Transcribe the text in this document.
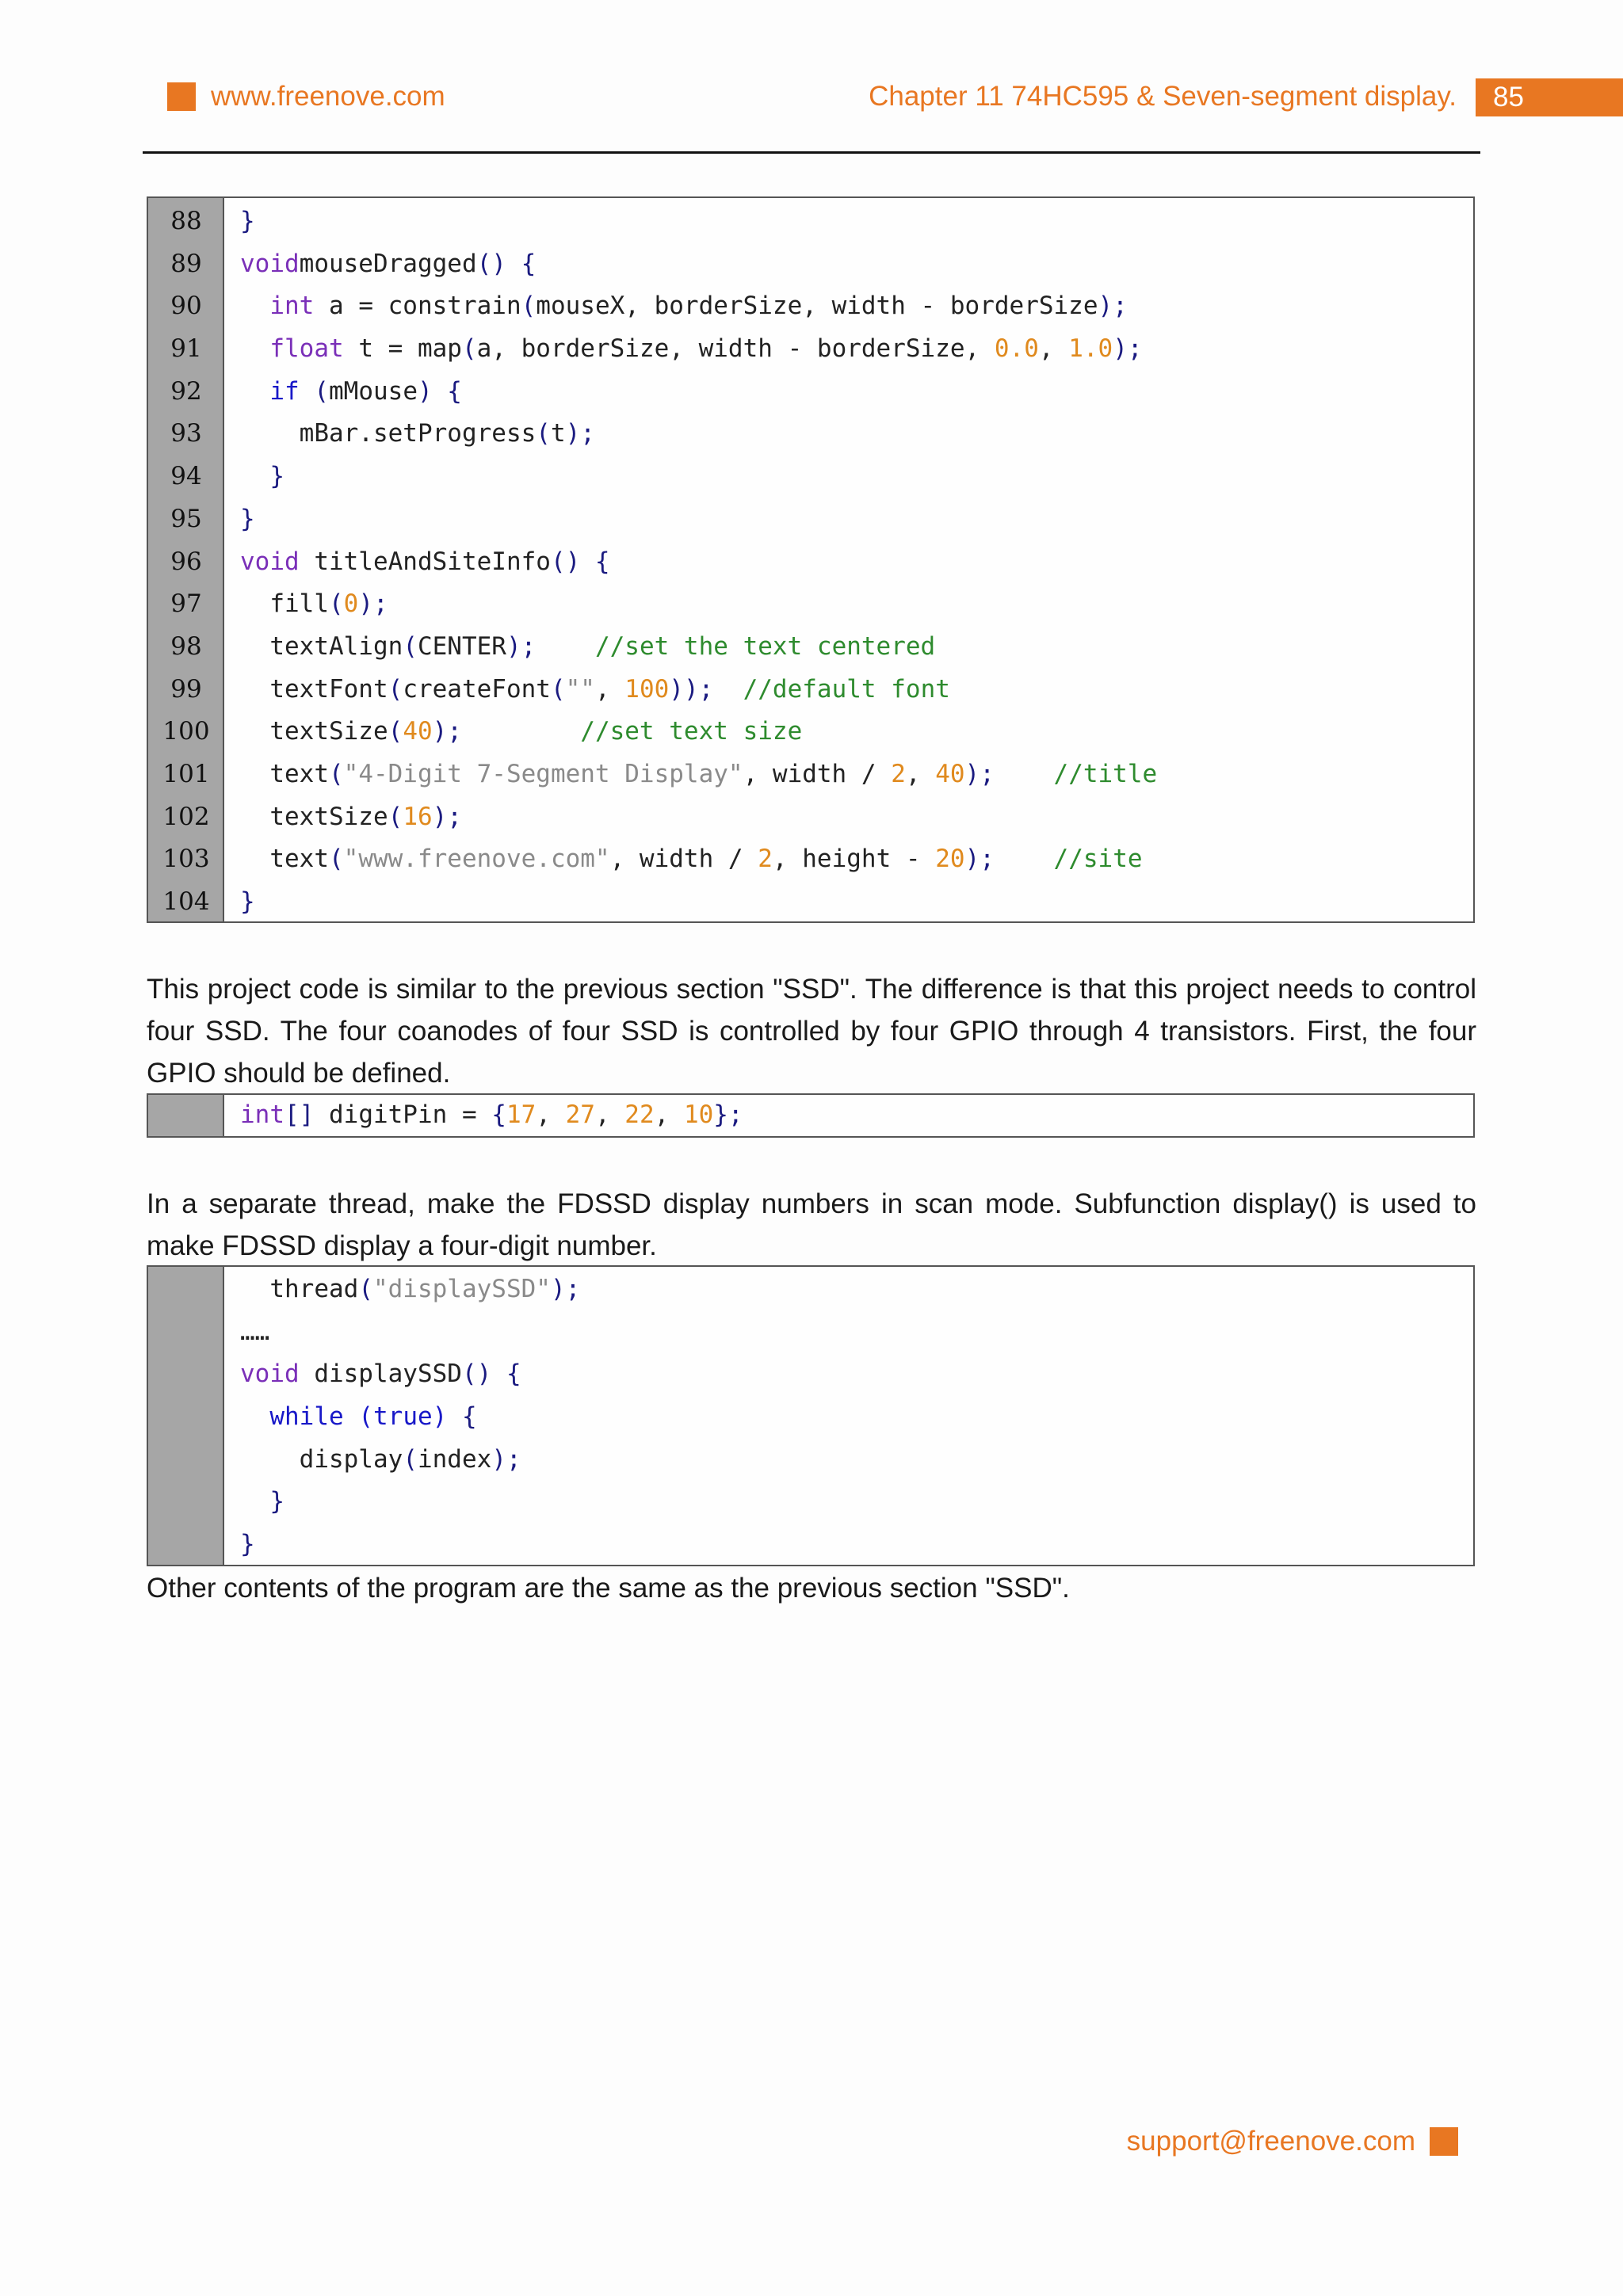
www.freenove.com	Chapter 11 74HC595 & Seven-segment display. 85
88	}
89	voidmouseDragged() {
90	int a = constrain(mouseX, borderSize, width - borderSize);
91	float t = map(a, borderSize, width - borderSize, 0.0, 1.0);
92	if (mMouse) {
93	mBar.setProgress(t);
94	}
95	}
96	void titleAndSiteInfo() {
97	fill(0);
98	textAlign(CENTER); //set the text centered
99	textFont(createFont("", 100)); //default font
100	textSize(40);	//set text size
101	text("4-Digit 7-Segment Display", width / 2, 40); //title
102	textSize(16);
103	text("www.freenove.com", width / 2, height - 20); //site
104	}
This project code is similar to the previous section "SSD". The difference is that this project needs to control four SSD. The four coanodes of four SSD is controlled by four GPIO through 4 transistors. First, the four GPIO should be defined.
int[] digitPin = {17, 27, 22, 10};
In a separate thread, make the FDSSD display numbers in scan mode. Subfunction display() is used to make FDSSD display a four-digit number.
thread("displaySSD");
……
void displaySSD() {
while (true) {
display(index);
}
}
Other contents of the program are the same as the previous section "SSD".
support@freenove.com
